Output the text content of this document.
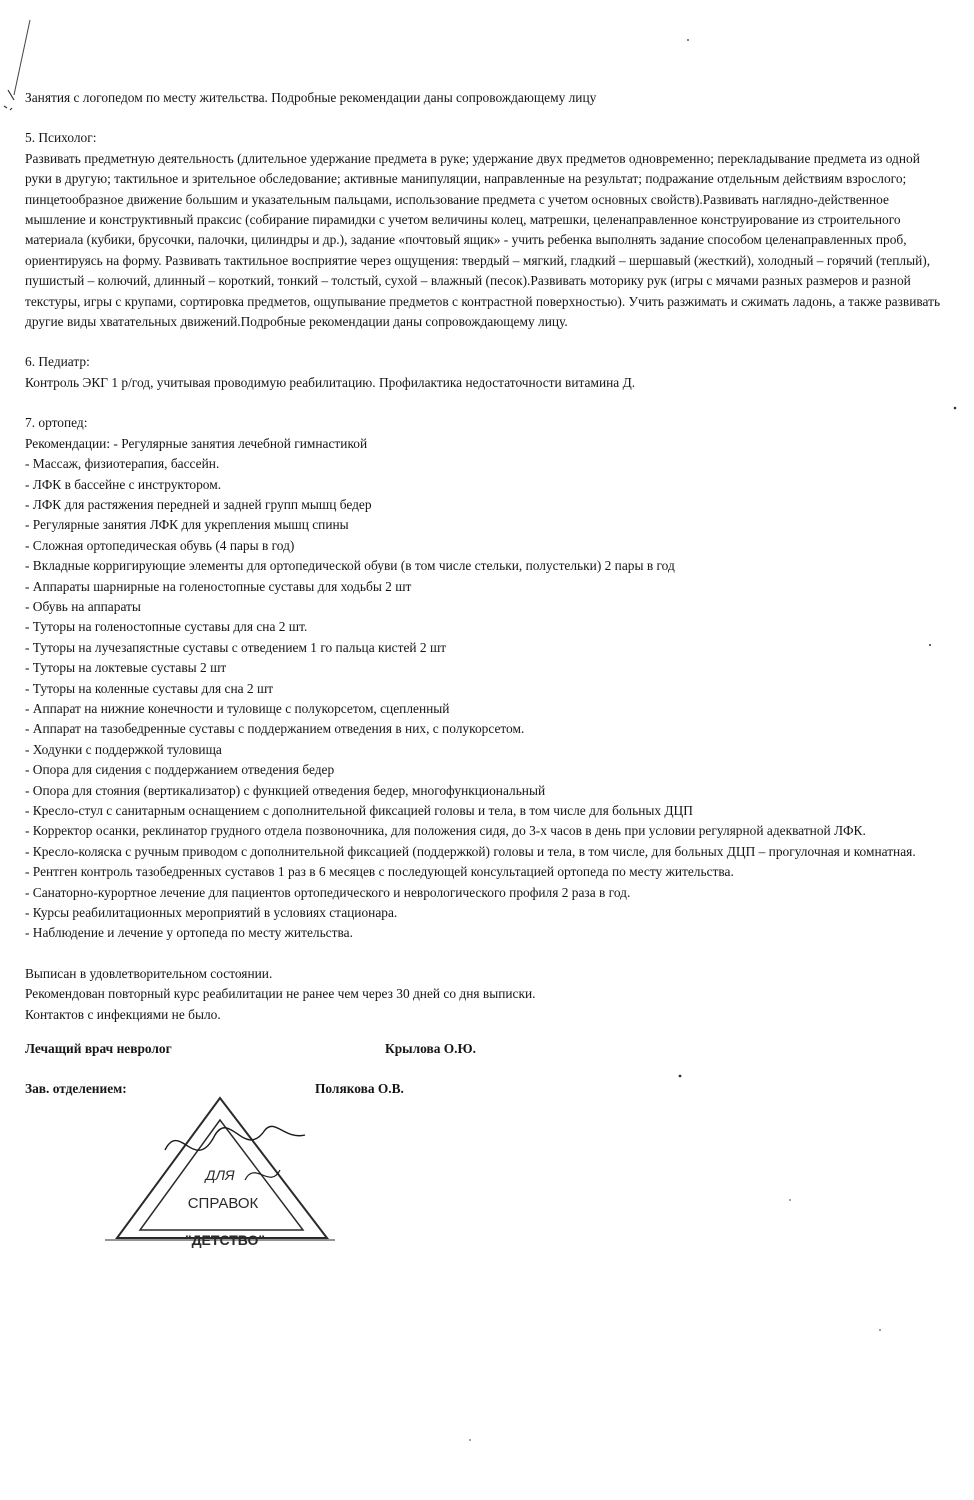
Занятия с логопедом по месту жительства. Подробные рекомендации даны сопровождающему лицу

5. Психолог:

Развивать предметную деятельность (длительное удержание предмета в руке; удержание двух предметов одновременно; перекладывание предмета из одной руки в другую; тактильное и зрительное обследование; активные манипуляции, направленные на результат; подражание отдельным действиям взрослого; пинцетообразное движение большим и указательным пальцами, использование предмета с учетом основных свойств).Развивать наглядно-действенное мышление и конструктивный праксис (собирание пирамидки с учетом величины колец, матрешки, целенаправленное конструирование из строительного материала (кубики, брусочки, палочки, цилиндры и др.), задание «почтовый ящик» - учить ребенка выполнять задание способом целенаправленных проб, ориентируясь на форму. Развивать тактильное восприятие через ощущения: твердый – мягкий, гладкий – шершавый (жесткий), холодный – горячий (теплый), пушистый – колючий, длинный – короткий, тонкий – толстый, сухой – влажный (песок).Развивать моторику рук (игры с мячами разных размеров и разной текстуры, игры с крупами, сортировка предметов, ощупывание предметов с контрастной поверхностью). Учить разжимать и сжимать ладонь, а также развивать другие виды хватательных движений.Подробные рекомендации даны сопровождающему лицу.

6. Педиатр:

Контроль ЭКГ 1 р/год, учитывая проводимую реабилитацию. Профилактика недостаточности витамина Д.

7. ортопед:

Рекомендации: - Регулярные занятия лечебной гимнастикой

- Массаж, физиотерапия, бассейн.

- ЛФК в бассейне с инструктором.

- ЛФК для растяжения передней и задней групп мышц бедер

- Регулярные занятия ЛФК для укрепления мышц спины

- Сложная ортопедическая обувь (4 пары в год)

- Вкладные корригирующие элементы для ортопедической обуви (в том числе стельки, полустельки) 2 пары в год

- Аппараты шарнирные на голеностопные суставы для ходьбы 2 шт

- Обувь на аппараты

- Туторы на голеностопные суставы для сна 2 шт.

- Туторы на лучезапястные суставы с отведением 1 го пальца кистей 2 шт

- Туторы на локтевые суставы 2 шт

- Туторы на коленные суставы для сна 2 шт

- Аппарат на нижние конечности и туловище с полукорсетом, сцепленный

- Аппарат на тазобедренные суставы с поддержанием отведения в них, с полукорсетом.

- Ходунки с поддержкой туловища

- Опора для сидения с поддержанием отведения бедер

- Опора для стояния (вертикализатор) с функцией отведения бедер, многофункциональный

- Кресло-стул с санитарным оснащением с дополнительной фиксацией головы и тела, в том числе для больных ДЦП

- Корректор осанки, реклинатор грудного отдела позвоночника, для положения сидя, до 3-х часов в день при условии регулярной адекватной ЛФК.

- Кресло-коляска с ручным приводом с дополнительной фиксацией (поддержкой) головы и тела, в том числе, для больных ДЦП – прогулочная и комнатная.

- Рентген контроль тазобедренных суставов 1 раз в 6 месяцев с последующей консультацией ортопеда по месту жительства.

- Санаторно-курортное лечение для пациентов ортопедического и неврологического профиля 2 раза в год.

- Курсы реабилитационных мероприятий в условиях стационара.

- Наблюдение и лечение у ортопеда по месту жительства.

Выписан в удовлетворительном состоянии.

Рекомендован повторный курс реабилитации не ранее чем через 30 дней со дня выписки.

Контактов с инфекциями не было.

Лечащий врач невролог	Крылова О.Ю.
Зав. отделением:	Полякова О.В.
ДЛЯ
СПРАВОК
"ДЕТСТВО"
